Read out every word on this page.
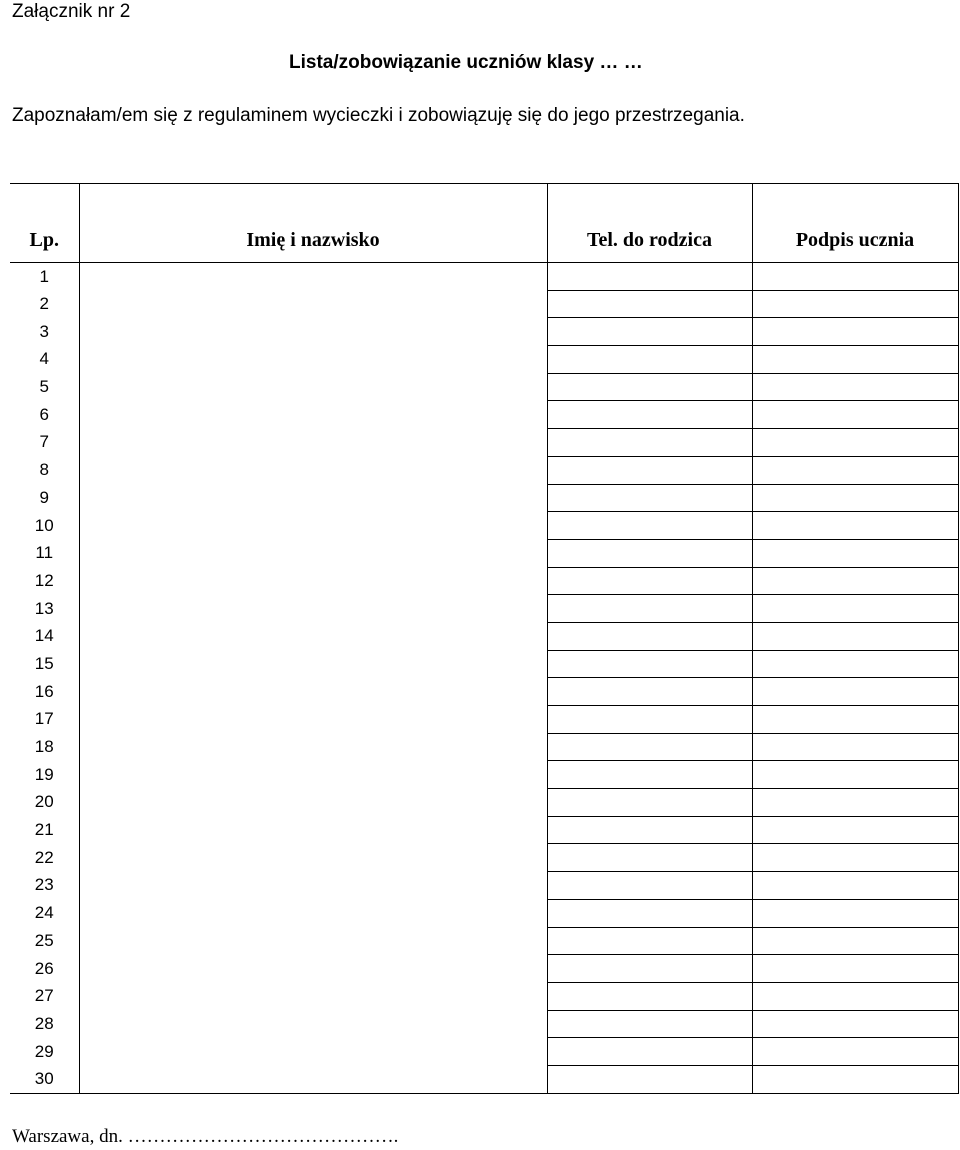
Załącznik nr 2
Lista/zobowiązanie uczniów klasy … …
Zapoznałam/em się z regulaminem wycieczki i zobowiązuję się do jego przestrzegania.
Lp.	Imię i nazwisko	Tel. do rodzica	Podpis ucznia
1			
2			
3			
4			
5			
6			
7			
8			
9			
10			
11			
12			
13			
14			
15			
16			
17			
18			
19			
20			
21			
22			
23			
24			
25			
26			
27			
28			
29			
30			
Warszawa, dn. …………………………………….
